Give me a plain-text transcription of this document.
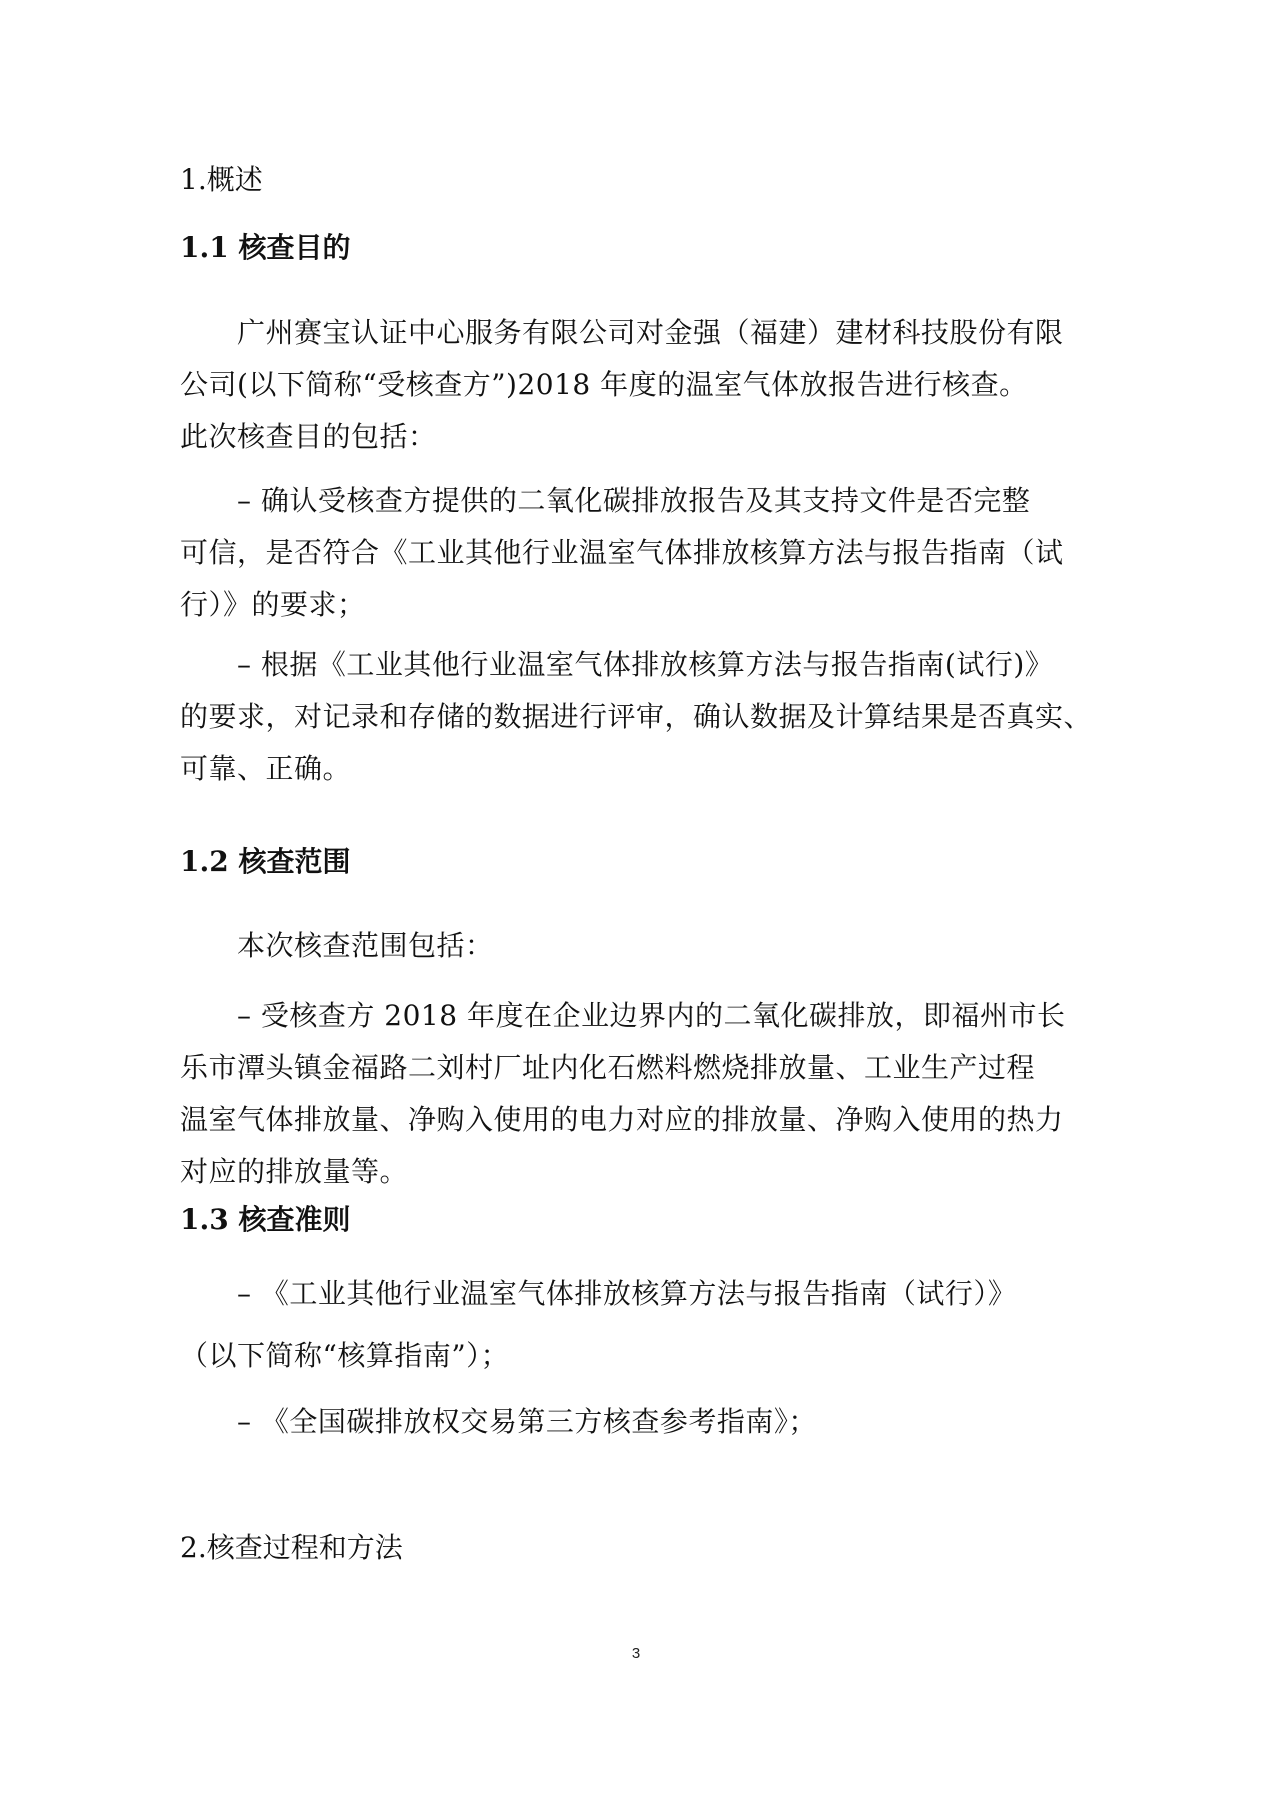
1.概述
1.1 核查目的
广州赛宝认证中心服务有限公司对金强（福建）建材科技股份有限
公司(以下简称“受核查方”)2018 年度的温室气体放报告进行核查。
此次核查目的包括：
– 确认受核查方提供的二氧化碳排放报告及其支持文件是否完整
可信，是否符合《工业其他行业温室气体排放核算方法与报告指南（试
行）》的要求；
– 根据《工业其他行业温室气体排放核算方法与报告指南(试行)》
的要求，对记录和存储的数据进行评审，确认数据及计算结果是否真实、
可靠、正确。
1.2 核查范围
本次核查范围包括：
– 受核查方 2018 年度在企业边界内的二氧化碳排放，即福州市长
乐市潭头镇金福路二刘村厂址内化石燃料燃烧排放量、工业生产过程
温室气体排放量、净购入使用的电力对应的排放量、净购入使用的热力
对应的排放量等。
1.3 核查准则
– 《工业其他行业温室气体排放核算方法与报告指南（试行）》
（以下简称“核算指南”）；
– 《全国碳排放权交易第三方核查参考指南》；
2.核查过程和方法
3
